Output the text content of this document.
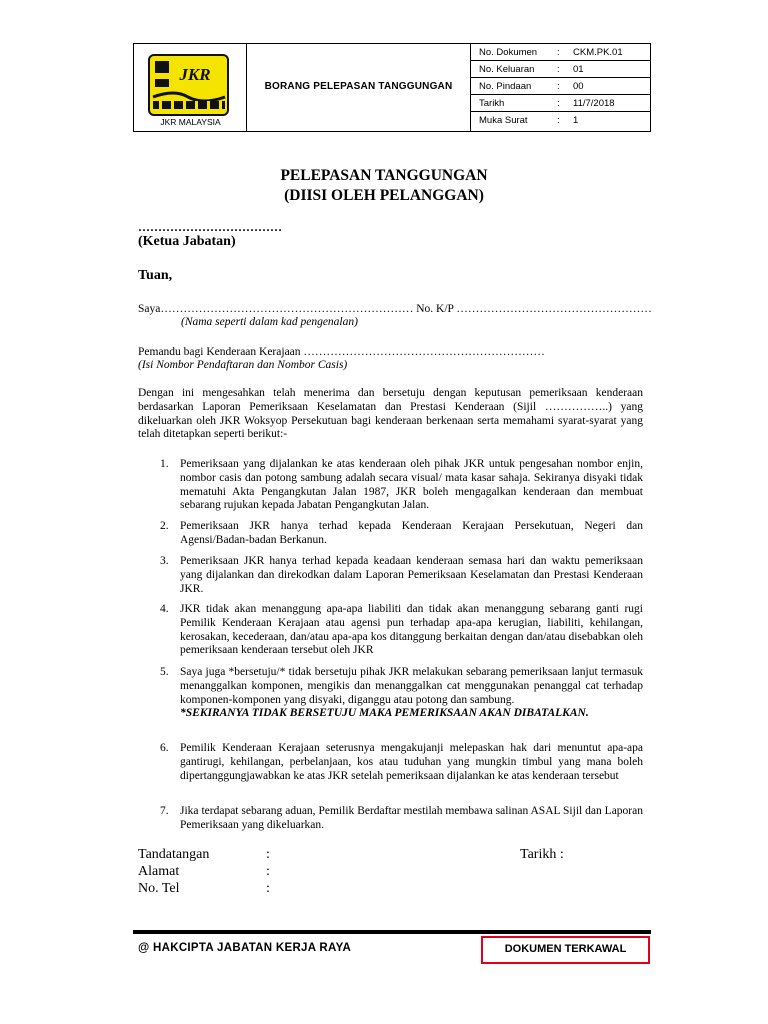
JKR
JKR MALAYSIA
BORANG PELEPASAN TANGGUNGAN
No. Dokumen : CKM.PK.01
No. Keluaran : 01
No. Pindaan	: 00
Tarikh	: 11/7/2018
Muka Surat	: 1
PELEPASAN TANGGUNGAN
(DIISI OLEH PELANGGAN)
………………………………
(Ketua Jabatan)
Tuan,
Saya………………………………………………………… No. K/P ……………………………………………
(Nama seperti dalam kad pengenalan)
Pemandu bagi Kenderaan Kerajaan ………………………………………………………
(Isi Nombor Pendaftaran dan Nombor Casis)
Dengan ini mengesahkan telah menerima dan bersetuju dengan keputusan pemeriksaan kenderaan berdasarkan Laporan Pemeriksaan Keselamatan dan Prestasi Kenderaan (Sijil ……………..) yang dikeluarkan oleh JKR Woksyop Persekutuan bagi kenderaan berkenaan serta memahami syarat-syarat yang telah ditetapkan seperti berikut:-
1. Pemeriksaan yang dijalankan ke atas kenderaan oleh pihak JKR untuk pengesahan nombor enjin, nombor casis dan potong sambung adalah secara visual/ mata kasar sahaja. Sekiranya disyaki tidak mematuhi Akta Pengangkutan Jalan 1987, JKR boleh mengagalkan kenderaan dan membuat sebarang rujukan kepada Jabatan Pengangkutan Jalan.
2. Pemeriksaan JKR hanya terhad kepada Kenderaan Kerajaan Persekutuan, Negeri dan Agensi/Badan-badan Berkanun.
3. Pemeriksaan JKR hanya terhad kepada keadaan kenderaan semasa hari dan waktu pemeriksaan yang dijalankan dan direkodkan dalam Laporan Pemeriksaan Keselamatan dan Prestasi Kenderaan JKR.
4. JKR tidak akan menanggung apa-apa liabiliti dan tidak akan menanggung sebarang ganti rugi Pemilik Kenderaan Kerajaan atau agensi pun terhadap apa-apa kerugian, liabiliti, kehilangan, kerosakan, kecederaan, dan/atau apa-apa kos ditanggung berkaitan dengan dan/atau disebabkan oleh pemeriksaan kenderaan tersebut oleh JKR
5. Saya juga *bersetuju/* tidak bersetuju pihak JKR melakukan sebarang pemeriksaan lanjut termasuk menanggalkan komponen, mengikis dan menanggalkan cat menggunakan penanggal cat terhadap komponen-komponen yang disyaki, diganggu atau potong dan sambung.
*SEKIRANYA TIDAK BERSETUJU MAKA PEMERIKSAAN AKAN DIBATALKAN.
6. Pemilik Kenderaan Kerajaan seterusnya mengakujanji melepaskan hak dari menuntut apa-apa gantirugi, kehilangan, perbelanjaan, kos atau tuduhan yang mungkin timbul yang mana boleh dipertanggungjawabkan ke atas JKR setelah pemeriksaan dijalankan ke atas kenderaan tersebut
7. Jika terdapat sebarang aduan, Pemilik Berdaftar mestilah membawa salinan ASAL Sijil dan Laporan Pemeriksaan yang dikeluarkan.
Tandatangan	:	Tarikh :
Alamat	:
No. Tel	:
@ HAKCIPTA JABATAN KERJA RAYA	DOKUMEN TERKAWAL
